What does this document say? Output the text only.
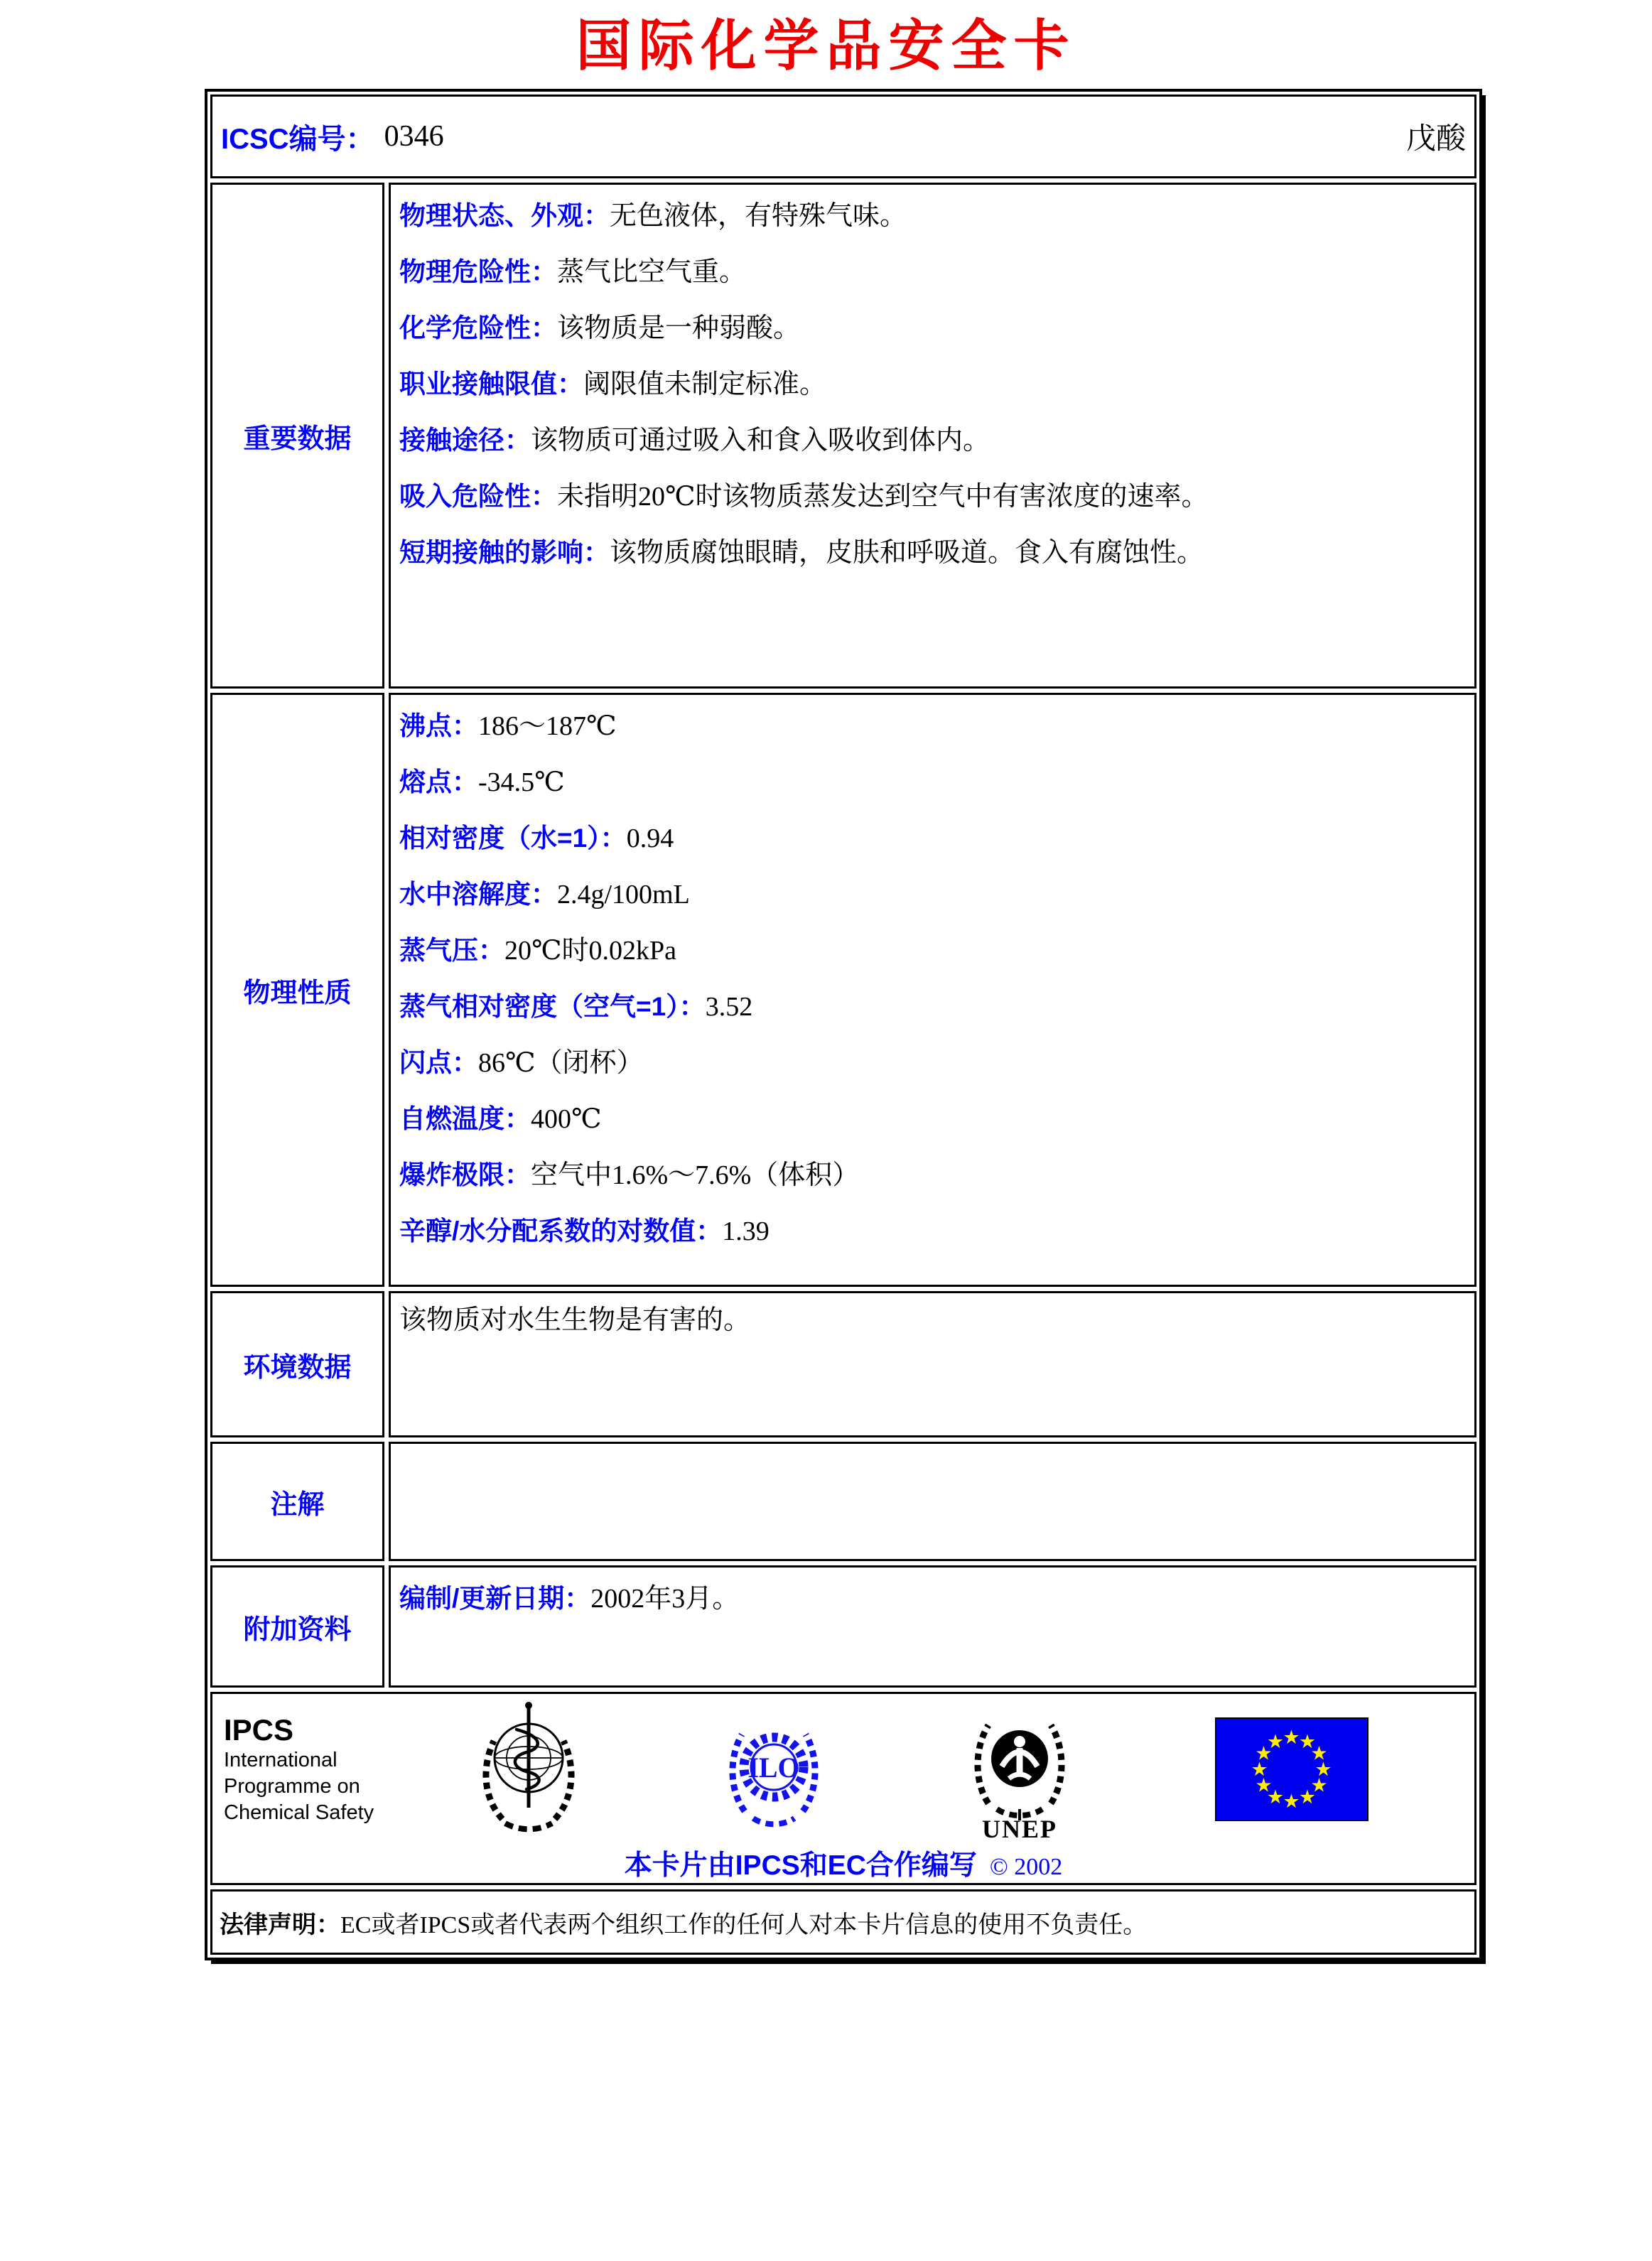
国际化学品安全卡
ICSC编号： 0346	戊酸
重要数据
物理状态、外观：无色液体，有特殊气味。
物理危险性：蒸气比空气重。
化学危险性：该物质是一种弱酸。
职业接触限值：阈限值未制定标准。
接触途径：该物质可通过吸入和食入吸收到体内。
吸入危险性：未指明20℃时该物质蒸发达到空气中有害浓度的速率。
短期接触的影响：该物质腐蚀眼睛，皮肤和呼吸道。食入有腐蚀性。
物理性质
沸点：186～187℃
熔点：-34.5℃
相对密度（水=1）：0.94
水中溶解度：2.4g/100mL
蒸气压：20℃时0.02kPa
蒸气相对密度（空气=1）：3.52
闪点：86℃（闭杯）
自燃温度：400℃
爆炸极限：空气中1.6%～7.6%（体积）
辛醇/水分配系数的对数值：1.39
环境数据
该物质对水生生物是有害的。
注解
附加资料
编制/更新日期：2002年3月。
IPCS
International
Programme on
Chemical Safety
ILO
UNEP
★
★
★
★
★
★
★
★
★
★
★
★
本卡片由IPCS和EC合作编写 © 2002
法律声明： EC或者IPCS或者代表两个组织工作的任何人对本卡片信息的使用不负责任。
